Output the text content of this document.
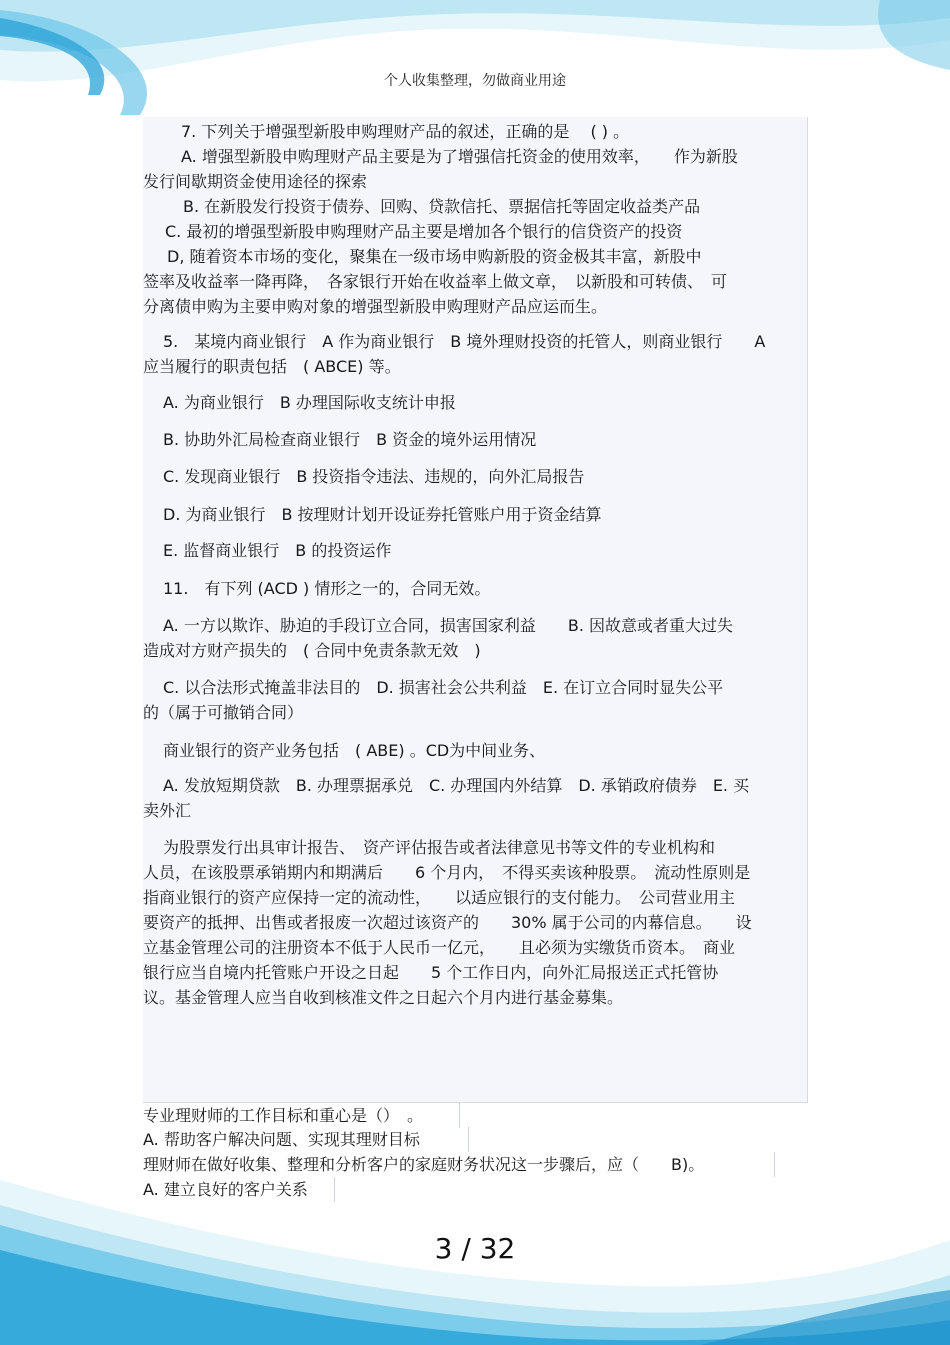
个人收集整理，勿做商业用途

7. 下列关于增强型新股申购理财产品的叙述，正确的是　 ( ) 。

A. 增强型新股申购理财产品主要是为了增强信托资金的使用效率，　　作为新股

发行间歇期资金使用途径的探索

B. 在新股发行投资于债券、回购、贷款信托、票据信托等固定收益类产品

C. 最初的增强型新股申购理财产品主要是增加各个银行的信贷资产的投资

D, 随着资本市场的变化，聚集在一级市场申购新股的资金极其丰富，新股中

签率及收益率一降再降，　各家银行开始在收益率上做文章，　以新股和可转债、　可

分离债申购为主要申购对象的增强型新股申购理财产品应运而生。

5.　某境内商业银行　A 作为商业银行　B 境外理财投资的托管人，则商业银行　　A

应当履行的职责包括　( ABCE) 等。

A. 为商业银行　B 办理国际收支统计申报
B. 协助外汇局检查商业银行　B 资金的境外运用情况
C. 发现商业银行　B 投资指令违法、违规的，向外汇局报告
D. 为商业银行　B 按理财计划开设证券托管账户用于资金结算
E. 监督商业银行　B 的投资运作
11.　有下列 (ACD ) 情形之一的，合同无效。

A. 一方以欺诈、胁迫的手段订立合同，损害国家利益　　B. 因故意或者重大过失

造成对方财产损失的　( 合同中免责条款无效　)

C. 以合法形式掩盖非法目的　D. 损害社会公共利益　E. 在订立合同时显失公平

的（属于可撤销合同）

商业银行的资产业务包括　( ABE) 。CD为中间业务、

A. 发放短期贷款　B. 办理票据承兑　C. 办理国内外结算　D. 承销政府债券　E. 买

卖外汇

为股票发行出具审计报告、　资产评估报告或者法律意见书等文件的专业机构和

人员，在该股票承销期内和期满后　　6 个月内，　不得买卖该种股票。　流动性原则是

指商业银行的资产应保持一定的流动性，　　以适应银行的支付能力。　公司营业用主

要资产的抵押、出售或者报废一次超过该资产的　　30% 属于公司的内幕信息。　　设

立基金管理公司的注册资本不低于人民币一亿元，　　且必须为实缴货币资本。　商业

银行应当自境内托管账户开设之日起　　5 个工作日内，向外汇局报送正式托管协

议。基金管理人应当自收到核准文件之日起六个月内进行基金募集。

专业理财师的工作目标和重心是（）　。
A. 帮助客户解决问题、实现其理财目标
理财师在做好收集、整理和分析客户的家庭财务状况这一步骤后，应（　　B)。
A. 建立良好的客户关系
3 / 32
